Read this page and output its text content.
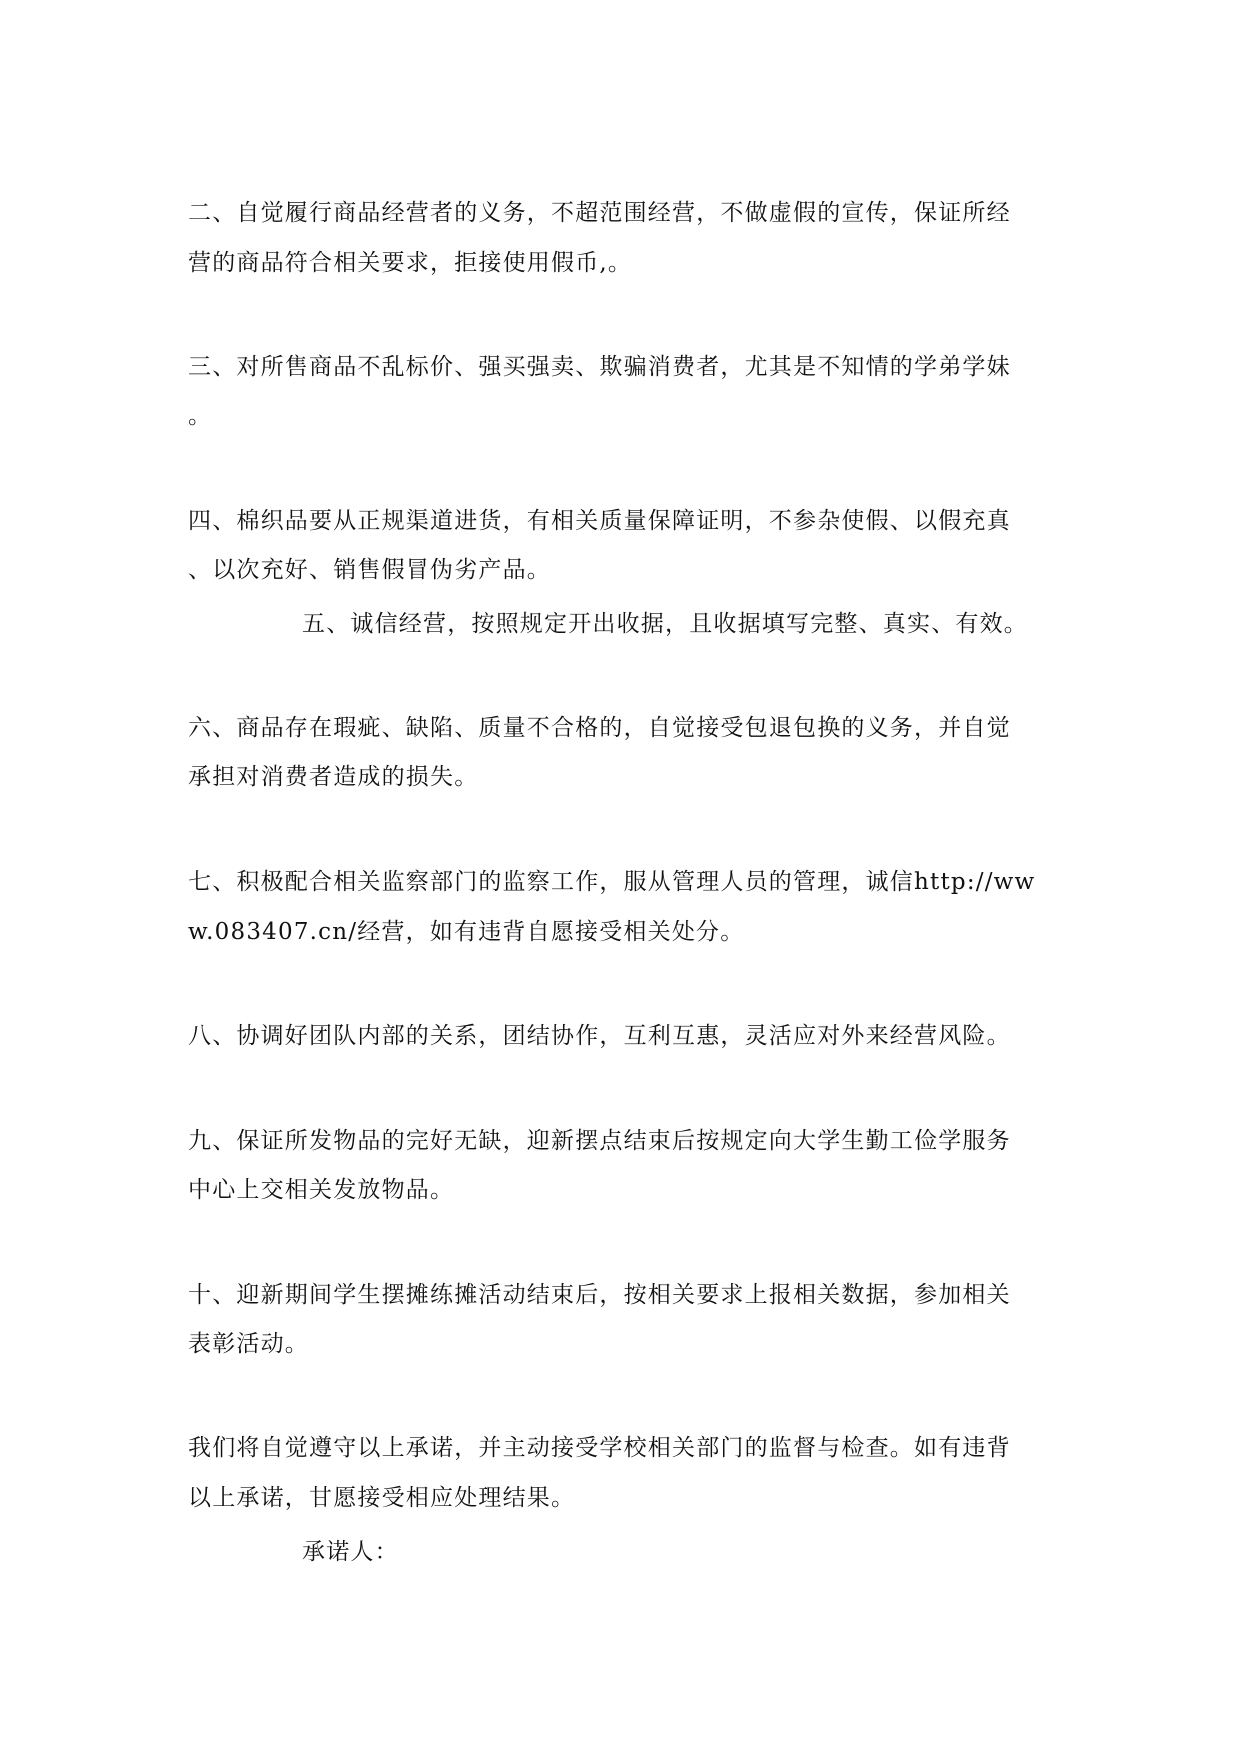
二、自觉履行商品经营者的义务，不超范围经营，不做虚假的宣传，保证所经
营的商品符合相关要求，拒接使用假币,。
三、对所售商品不乱标价、强买强卖、欺骗消费者，尤其是不知情的学弟学妹
。
四、棉织品要从正规渠道进货，有相关质量保障证明，不参杂使假、以假充真
、以次充好、销售假冒伪劣产品。
五、诚信经营，按照规定开出收据，且收据填写完整、真实、有效。
六、商品存在瑕疵、缺陷、质量不合格的，自觉接受包退包换的义务，并自觉
承担对消费者造成的损失。
七、积极配合相关监察部门的监察工作，服从管理人员的管理，诚信http://ww
w.083407.cn/经营，如有违背自愿接受相关处分。
八、协调好团队内部的关系，团结协作，互利互惠，灵活应对外来经营风险。
九、保证所发物品的完好无缺，迎新摆点结束后按规定向大学生勤工俭学服务
中心上交相关发放物品。
十、迎新期间学生摆摊练摊活动结束后，按相关要求上报相关数据，参加相关
表彰活动。
我们将自觉遵守以上承诺，并主动接受学校相关部门的监督与检查。如有违背
以上承诺，甘愿接受相应处理结果。
承诺人：
